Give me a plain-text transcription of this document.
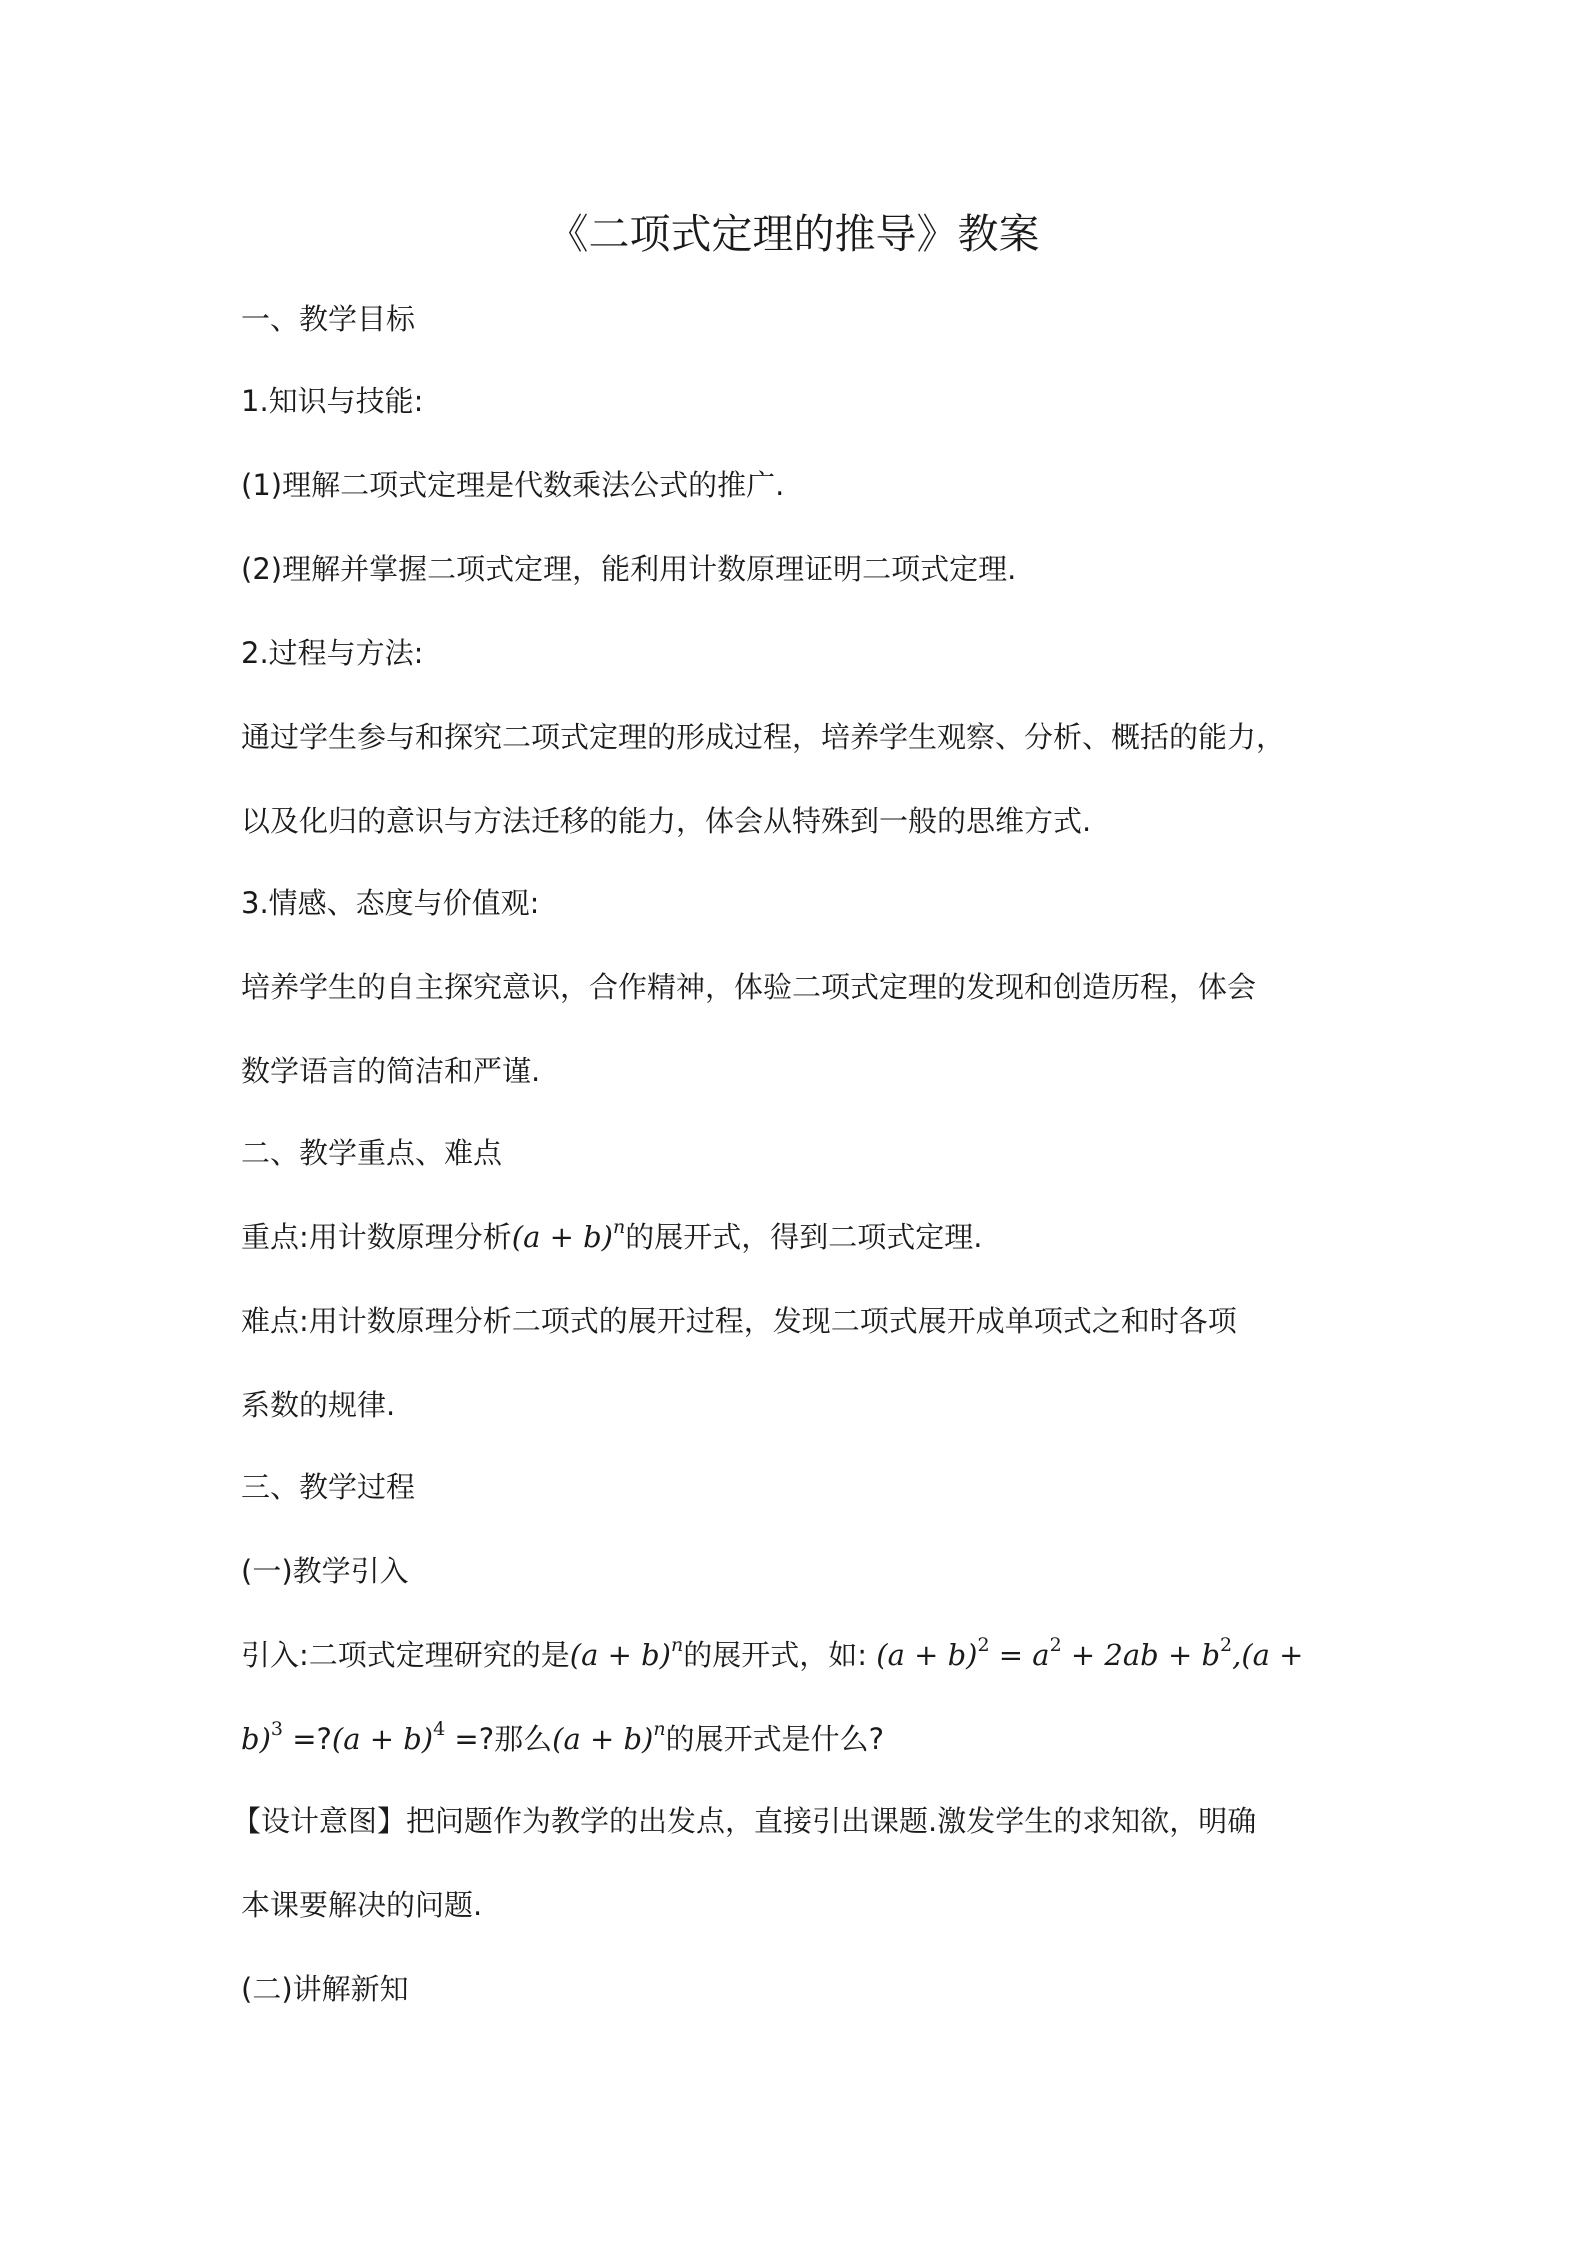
《二项式定理的推导》教案
一、教学目标
1.知识与技能:
(1)理解二项式定理是代数乘法公式的推广.
(2)理解并掌握二项式定理，能利用计数原理证明二项式定理.
2.过程与方法:
通过学生参与和探究二项式定理的形成过程，培养学生观察、分析、概括的能力，
以及化归的意识与方法迁移的能力，体会从特殊到一般的思维方式.
3.情感、态度与价值观:
培养学生的自主探究意识，合作精神，体验二项式定理的发现和创造历程，体会
数学语言的简洁和严谨.
二、教学重点、难点
重点:用计数原理分析$(a + b)^n$的展开式，得到二项式定理.
难点:用计数原理分析二项式的展开过程，发现二项式展开成单项式之和时各项
系数的规律.
三、教学过程
(一)教学引入
引入:二项式定理研究的是$(a + b)^n$的展开式，如: $(a + b)^2 = a^2 + 2ab + b^2,(a$ +
b)$^3$ =?(a + b)$^4$ =?那么$(a + b)^n$的展开式是什么?
【设计意图】把问题作为教学的出发点，直接引出课题.激发学生的求知欲，明确
本课要解决的问题.
(二)讲解新知
